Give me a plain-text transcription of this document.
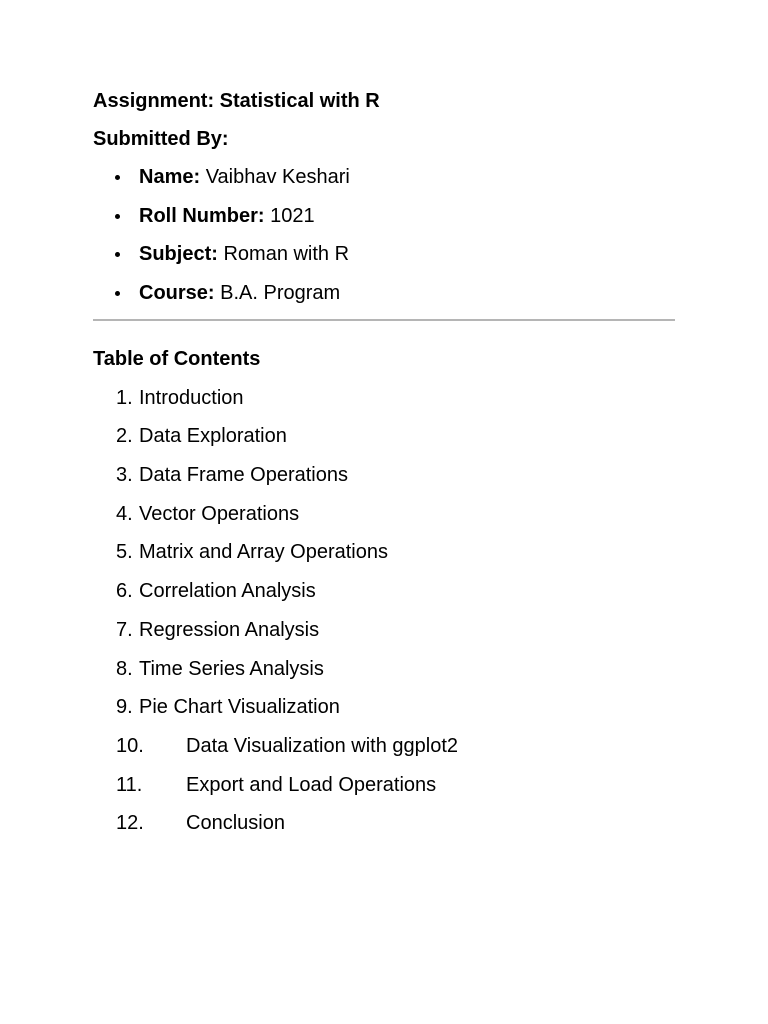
Assignment: Statistical with R
Submitted By:
Name: Vaibhav Keshari
Roll Number: 1021
Subject: Roman with R
Course: B.A. Program
Table of Contents
1. Introduction
2. Data Exploration
3. Data Frame Operations
4. Vector Operations
5. Matrix and Array Operations
6. Correlation Analysis
7. Regression Analysis
8. Time Series Analysis
9. Pie Chart Visualization
10. Data Visualization with ggplot2
11. Export and Load Operations
12. Conclusion
